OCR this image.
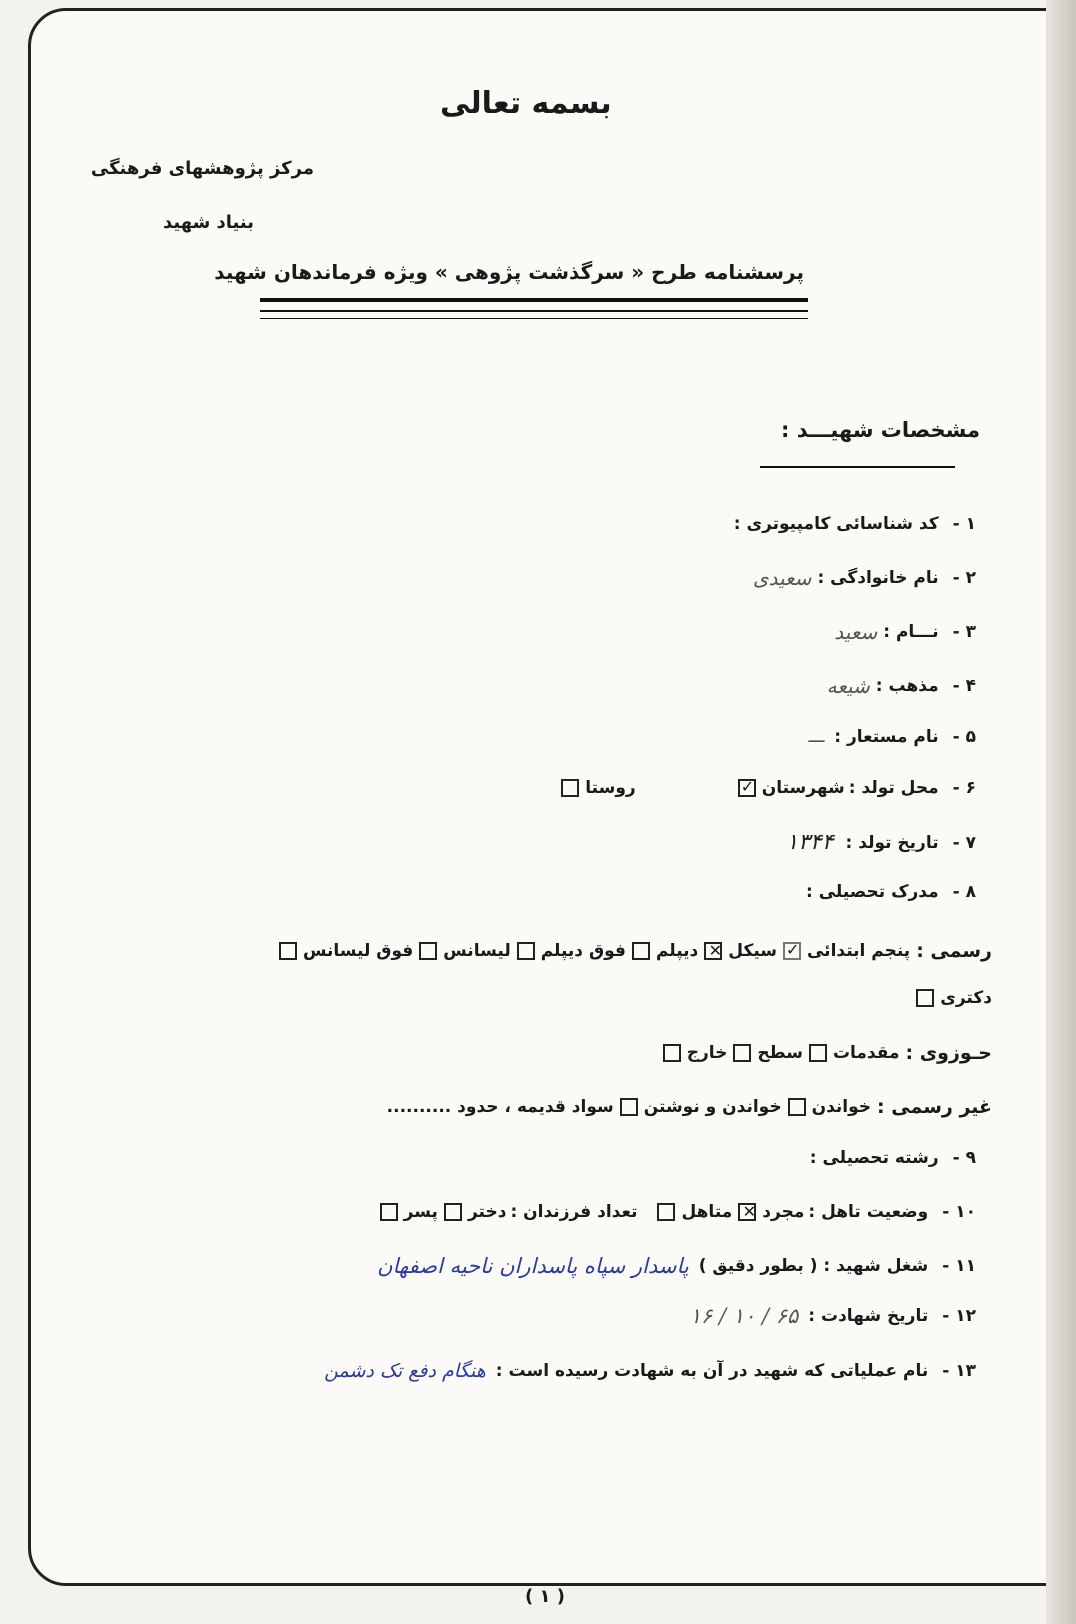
بسمه تعالی
مرکز پژوهشهای فرهنگی
بنیاد شهید
پرسشنامه طرح « سرگذشت پژوهی » ویژه فرماندهان شهید
مشخصات شهیـــد :
۱ -
کد شناسائی کامپیوتری :
۲ -
نام خانوادگی :
سعیدی
۳ -
نـــام :
سعید
۴ -
مذهب :
شیعه
۵ -
نام مستعار :
ـــ
۶ -
محل تولد :
شهرستان
✓
روستا
۷ -
تاریخ تولد :
۱۳۴۴
۸ -
مدرک تحصیلی :
رسمی :
پنجم ابتدائی
✓
سیکل
✕
دیپلم
فوق دیپلم
لیسانس
فوق لیسانس
دکتری
حـوزوی :
مقدمات
سطح
خارج
غیر رسمی :
خواندن
خواندن و نوشتن
سواد قدیمه ، حدود ..........
۹ -
رشته تحصیلی :
۱۰ -
وضعیت تاهل :
مجرد
✕
متاهل
تعداد فرزندان :
دختر
پسر
۱۱ -
شغل شهید : ( بطور دقیق )
پاسدار سپاه پاسداران ناحیه اصفهان
۱۲ -
تاریخ شهادت :
۶۵ / ۱۰ / ۱۶
۱۳ -
نام عملیاتی که شهید در آن به شهادت رسیده است :
هنگام دفع تک دشمن
( ۱ )
